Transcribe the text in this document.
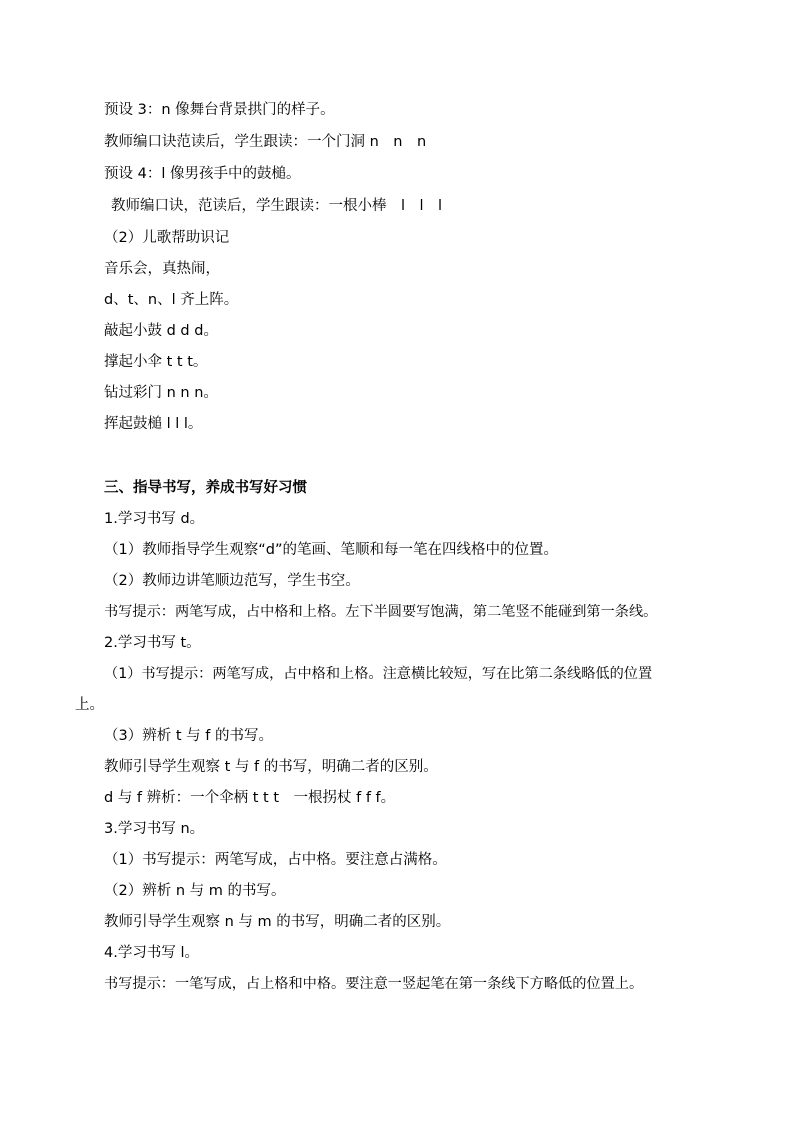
预设 3：n 像舞台背景拱门的样子。
教师编口诀范读后，学生跟读：一个门洞 n　n　n
预设 4：l 像男孩手中的鼓槌。
教师编口诀，范读后，学生跟读：一根小棒　l　l　l
（2）儿歌帮助识记
音乐会，真热闹，
d、t、n、l 齐上阵。
敲起小鼓 d d d。
撑起小伞 t t t。
钻过彩门 n n n。
挥起鼓槌 l l l。
三、指导书写，养成书写好习惯
1.学习书写 d。
（1）教师指导学生观察“d”的笔画、笔顺和每一笔在四线格中的位置。
（2）教师边讲笔顺边范写，学生书空。
书写提示：两笔写成，占中格和上格。左下半圆要写饱满，第二笔竖不能碰到第一条线。
2.学习书写 t。
（1）书写提示：两笔写成，占中格和上格。注意横比较短，写在比第二条线略低的位置
上。
（3）辨析 t 与 f 的书写。
教师引导学生观察 t 与 f 的书写，明确二者的区别。
d 与 f 辨析：一个伞柄 t t t　一根拐杖 f f f。
3.学习书写 n。
（1）书写提示：两笔写成，占中格。要注意占满格。
（2）辨析 n 与 m 的书写。
教师引导学生观察 n 与 m 的书写，明确二者的区别。
4.学习书写 l。
书写提示：一笔写成，占上格和中格。要注意一竖起笔在第一条线下方略低的位置上。
